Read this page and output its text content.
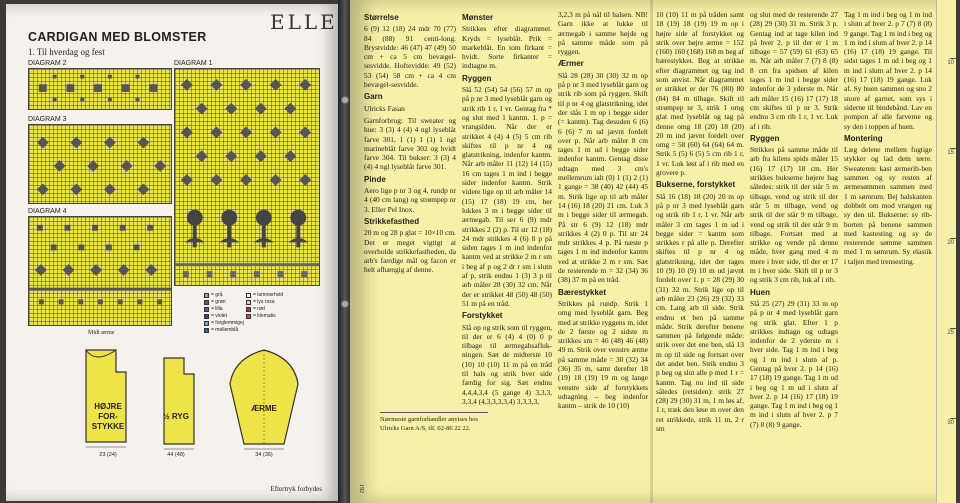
ELLE
CARDIGAN MED BLOMSTER
1. Til hverdag og fest
DIAGRAM 2	DIAGRAM 1
DIAGRAM 3
DIAGRAM 4
= grå
= grøn
= lilla
= violet
= forglemmigej
= mellemblå
= lammerhvid
= lys rosa
= rød
= klematis
Midt ærme
HØJRE
FOR-
STYKKE
23 (24)
½ RYG
44 (48)
ÆRME
34 (36)
Eftertryk forbydes	192
Størrelse

6 (9) 12 (18) 24 mdr 70 (77) 84 (88) 91 centi-long. Brystvidde: 46 (47) 47 (49) 50 cm + ca 5 cm bevægel-sesvidde. Hoftevidde: 49 (52) 53 (54) 58 cm + ca 4 cm bevægel-sesvidde.

Garn

Ulricks Fasan

Garnforbrug: Til sweater og hue: 3 (3) 4 (4) 4 ngl lyseblåt farve 301, 1 (1) 1 (1) 1 ngl marineblåt farve 302 og hvidt farve 304. Til bukser: 3 (3) 4 (4) 4 ngl lyseblåt farve 301.

Pinde

Aero lige p nr 3 og 4, rundp nr 4 (40 cm lang) og strømpep nr 3. Eller Pel Inox.

Strikkefasthed

20 m og 28 p glat = 10×10 cm. Det er meget vigtigt at overholde strikkefastheden, da arb's færdige mål og facon er helt afhængig af denne.

Nærmeste garnforhandler anvises hos Ulricks Garn A/S, tlf. 02-86 22 22.
Mønster

Strikkes efter diagrammet. Kryds = lyseblåt. Prik = markeblåt. En tom firkant = hvidt. Sorte firkanter = indtagne m.

Ryggen

Slå 52 (54) 54 (56) 57 m op på p nr 3 med lyseblåt garn og strik rib 1 r, 1 vr. Gentag fra * og slut med 1 kantm. 1. p = vrangsiden. Når der er strikket 4 (4) 4 (5) 5 cm rib skiftes til p nr 4 og glatstrikning, indenfor kantm. Når arb måler 11 (12) 14 (15) 16 cm tages 1 m ind i begge sider indenfor kantm. Strik videre lige op til arb måler 14 (15) 17 (18) 19 cm, her lukkes 3 m i begge sider til ærmegab. Til ser 6 (9) mdr strikkes 2 (2) p. Til str 12 (18) 24 mdr strikkes 4 (6) 8 p på siden tages 1 m ind indenfor kantm ved at strikke 2 m r sm i beg af p og 2 dr r sm i slutn af p, strik endnu 1 (3) 3 p til arb måler 28 (30) 32 cm. Når der er strikket 48 (50) 48 (50) 51 m på en tråd.

Forstykket

Slå op og strik som til ryggen, til der er 6 (4) 4 (0) 0 p tilbage til ærmegabsafluk-ningen. Sæt de midterste 10 (10) 10 (10) 11 m på en tråd til hals og strik hver side færdig for sig. Sæt endnu 4,4,4,3,4 (5 gange 4) 3,3,3, 3,3,4 (4,3,3,3,3,4) 3,3,3,3,

3,2,3 m på nål til halsen. NB! Garn ikke at lukke til ærmegab i samme højde og på samme måde som på ryggen.

Ærmer

Slå 28 (28) 30 (30) 32 m op på p nr 3 med lyseblåt garn og strik rib som på ryggen. Skift til p nr 4 og glatstrikning, idet der slås 1 m op i begge sider (= kantm). Tag desuden 6 (6) 6 (6) 7 m ud jævnt fordelt over p. Når arb måler 8 cm tages 1 m ud i begge sider indenfor kantm. Gentag disse udtagn med 3 cm's mellemrum ialt (0) 1 (1) 2 (1) 1 gange = 38 (40) 42 (44) 45 m. Strik lige op til arb måler 14 (16) 18 (20) 21 cm. Luk 3 m i begge sider til ærmegab. På str 6 (9) 12 (18) mdr strikkes 4 (2) 0 p. Til str 24 mdr strikkes 4 p. På næste p tages 1 m ind indenfor kantm ved at strikke 2 m r sm. Sæt de resterende m = 32 (34) 36 (38) 37 m på en tråd.

Bærestykket

Strikkes på rundp. Strik 1 omg med lyseblåt garn. Beg med at strikke ryggens m, idet de 2 første og 2 sidste m strikkes sm = 46 (48) 46 (48) 49 m. Strik over venstre ærme på samme måde = 30 (32) 34 (36) 35 m, samt derefter 18 (19) 18 (19) 19 m og lange venstre side af forstykkets udtagning – beg indenfor kantm – strik de 10 (10)

10 (10) 11 m på tråden samt 18 (19) 18 (19) 19 m op i højre side af forstykket og strik over højre ærme = 152 (160) 160 (168) 168 m beg af bærestykket. Beg at strikke efter diagrammet og tag ind som anvist. Når diagrammet er strikket er der 76 (80) 80 (84) 84 m tilbage. Skift til strømpep nr 3, strik 1 omg glat med lyseblåt og tag på denne omg 18 (20) 18 (20) 20 m ind jævnt fordelt over omg = 58 (60) 64 (64) 64 m. Strik 5 (5) 6 (5) 5 cm rib 1 r, 1 vr. Luk løst af i rib med en grovere p.

Bukserne, forstykket

Slå 16 (18) 18 (20) 20 m op på p nr 3 med lyseblåt garn og strik rib 1 r, 1 vr. Når arb måler 3 cm tages 1 m ud i begge sider = kantm som strikkes r på alle p. Derefter skiftes til p nr 4 og glatstrikning, idet der tages 10 (9) 10 (9) 10 m ud jævnt fordelt over 1. p = 28 (29) 30 (31) 32 m. Strik lige op til arb måler 23 (26) 29 (32) 33 cm. Lang arb til side. Strik endnu et ben på samme måde. Strik derefter benene sammen på følgende måde: strik over det ene ben, slå 13 m op til side og fortsæt over det andet ben. Strik endnu 3 p beg og slut alle p med 1 r = kantm. Tag nu ind til side således (retsiden): strik 27 (28) 29 (30) 31 m, 1 m løs af, 1 r, træk den løse m over den ret strikkede, strik 11 m, 2 r sm

og slut med de resterende 27 (28) 29 (30) 31 m. Strik 3 p. Gentag ind at tage kilen ind på hver 2. p til der er 1 m tilbage = 57 (59) 61 (63) 65 m. Når arb måler 7 (7) 8 (8) 8 cm fra spidsen af kilen tages 1 m ind i begge sider indenfor de 3 yderste m. Når arb måler 15 (16) 17 (17) 18 cm skiftes til p nr 3. Strik endnu 3 cm rib 1 r, 1 vr. Luk af i rib.

Ryggen

Strikkes på samme måde til arb fra kilens spids måler 15 (16) 17 (17) 18 cm. Her strikkes bukserne højere bag således: strik til der står 5 m tilbage, vend og strik til der står 5 m tilbage, vend og strik til der står 9 m tilbage, vend og strik til der står 9 m tilbage. Fortsæt med at strikke og vende på denne måde, hver gang med 4 m mere i hver side, til der er 17 m i hver side. Skift til p nr 3 og strik 3 cm rib, luk af i rib.

Huen

Slå 25 (27) 29 (31) 33 m op på p nr 4 med lyseblåt garn og strik glat. Efter 1 p strikkes indtagn og udtagn indenfor de 2 yderste m i hver side. Tag 1 m ind i beg og 1 m ind i slutn af p. Gentag på hver 2. p 14 (16) 17 (18) 19 gange. Tag 1 m ud i beg og 1 m ud i slutn af hver 2. p 14 (16) 17 (18) 19 gange. Tag 1 m ind i beg og 1 m ind i slutn af hver 2. p 7 (7) 8 (8) 9 gange.

Tag 1 m ind i beg og 1 m ind i slutn af hver 2. p 7 (7) 8 (8) 9 gange. Tag 1 m ind i beg og 1 m ind i slutn af hver 2. p 14 (16) 17 (18) 19 gange. Til sidst tages 1 m ud i beg og 1 m ind i slutn af hver 2. p 14 (16) 17 (18) 19 gange. Luk af. Sy huen sammen og sno 2 snore af garnet, som sys i siderne til bindebånd. Lav en pompon af alle farverne og sy den i toppen af huen.

Montering

Læg delene mellem fugtige stykker og lad dem tørre. Sweateren: kast ærmerib-ben sammen og sy resten af ærmesømmen sammen med 1 m sømrum. Bej halskanten dobbelt om mod vrangen og sy den til. Bukserne: sy rib-borten på benene sammen med kastesting og sy de resterende sømme sammen med 1 m sømrum. Sy elastik i taljen med trensesting.

10
15
20
25
30
